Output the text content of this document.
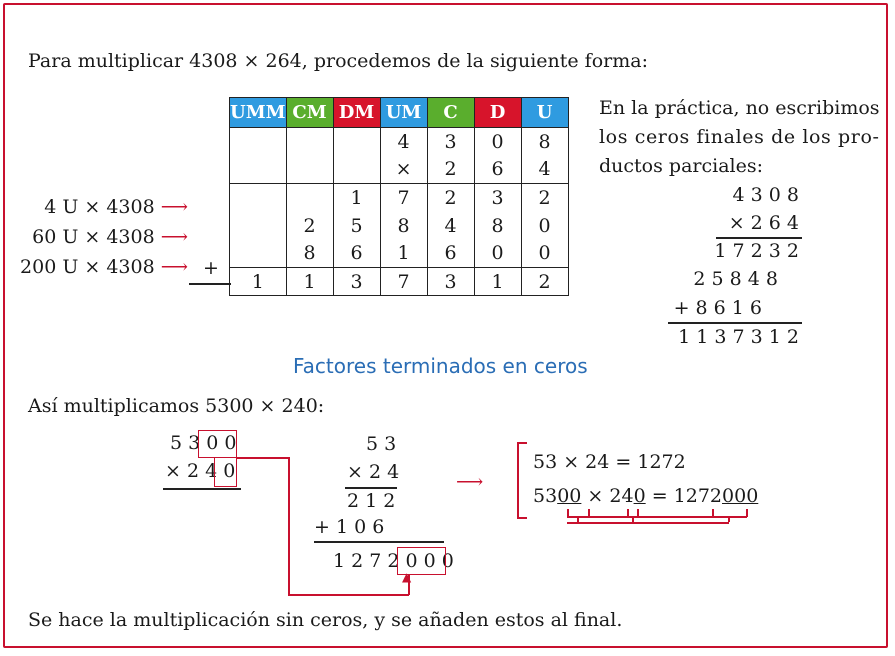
Para multiplicar 4308 × 264, procedemos de la siguiente forma:
UMM	CM	DM	UM	C	D	U
			4	3	0	8
			×	2	6	4
		1	7	2	3	2
	2	5	8	4	8	0
	8	6	1	6	0	0
1	1	3	7	3	1	2
4 U × 4308 ⟶
60 U × 4308 ⟶
200 U × 4308 ⟶ +
En la práctica, no escribimos
los ceros finales de los pro-
ductos parciales:
4 3 0 8
× 2 6 4
1 7 2 3 2
2 5 8 4 8
+ 8 6 1 6
1 1 3 7 3 1 2
Factores terminados en ceros
Así multiplicamos 5300 × 240:
5 3 0 0
× 2 4 0
5 3
× 2 4
2 1 2
+ 1 0 6
1 2 7 2 0 0 0
▲
⟶
53 × 24 = 1272
5300 × 240 = 1272000
Se hace la multiplicación sin ceros, y se añaden estos al final.
